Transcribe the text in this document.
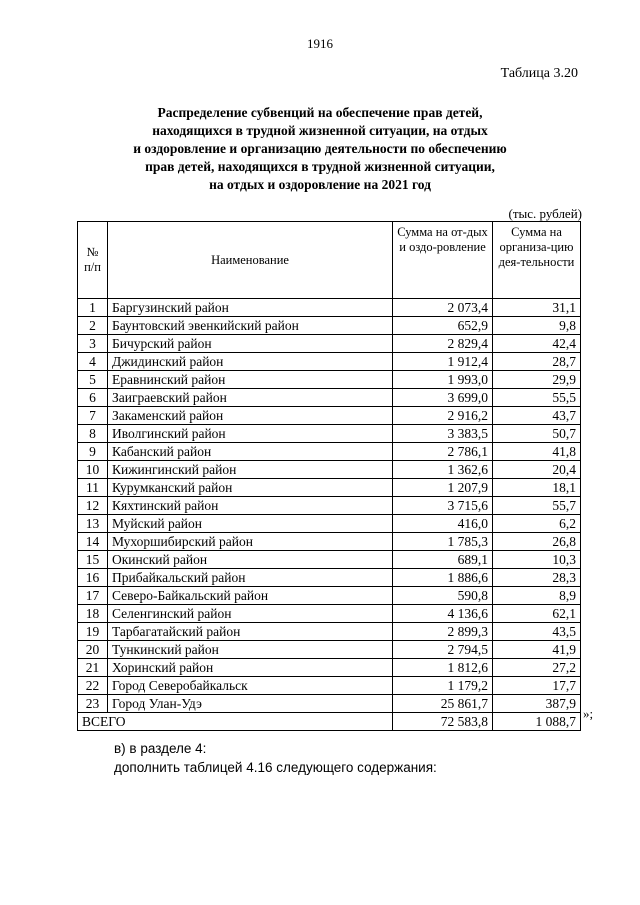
1916
Таблица 3.20
Распределение субвенций на обеспечение прав детей,
находящихся в трудной жизненной ситуации, на отдых
и оздоровление и организацию деятельности по обеспечению
прав детей, находящихся в трудной жизненной ситуации,
на отдых и оздоровление на 2021 год
(тыс. рублей)
№ п/п	Наименование	Сумма на от-дых и оздо-ровление	Сумма на организа-цию дея-тельности
1	Баргузинский район	2 073,4	31,1
2	Баунтовский эвенкийский район	652,9	9,8
3	Бичурский район	2 829,4	42,4
4	Джидинский район	1 912,4	28,7
5	Еравнинский район	1 993,0	29,9
6	Заиграевский район	3 699,0	55,5
7	Закаменский район	2 916,2	43,7
8	Иволгинский район	3 383,5	50,7
9	Кабанский район	2 786,1	41,8
10	Кижингинский район	1 362,6	20,4
11	Курумканский район	1 207,9	18,1
12	Кяхтинский район	3 715,6	55,7
13	Муйский район	416,0	6,2
14	Мухоршибирский район	1 785,3	26,8
15	Окинский район	689,1	10,3
16	Прибайкальский район	1 886,6	28,3
17	Северо-Байкальский район	590,8	8,9
18	Селенгинский район	4 136,6	62,1
19	Тарбагатайский район	2 899,3	43,5
20	Тункинский район	2 794,5	41,9
21	Хоринский район	1 812,6	27,2
22	Город Северобайкальск	1 179,2	17,7
23	Город Улан-Удэ	25 861,7	387,9
ВСЕГО		72 583,8	1 088,7 »;
в) в разделе 4:
дополнить таблицей 4.16 следующего содержания:
